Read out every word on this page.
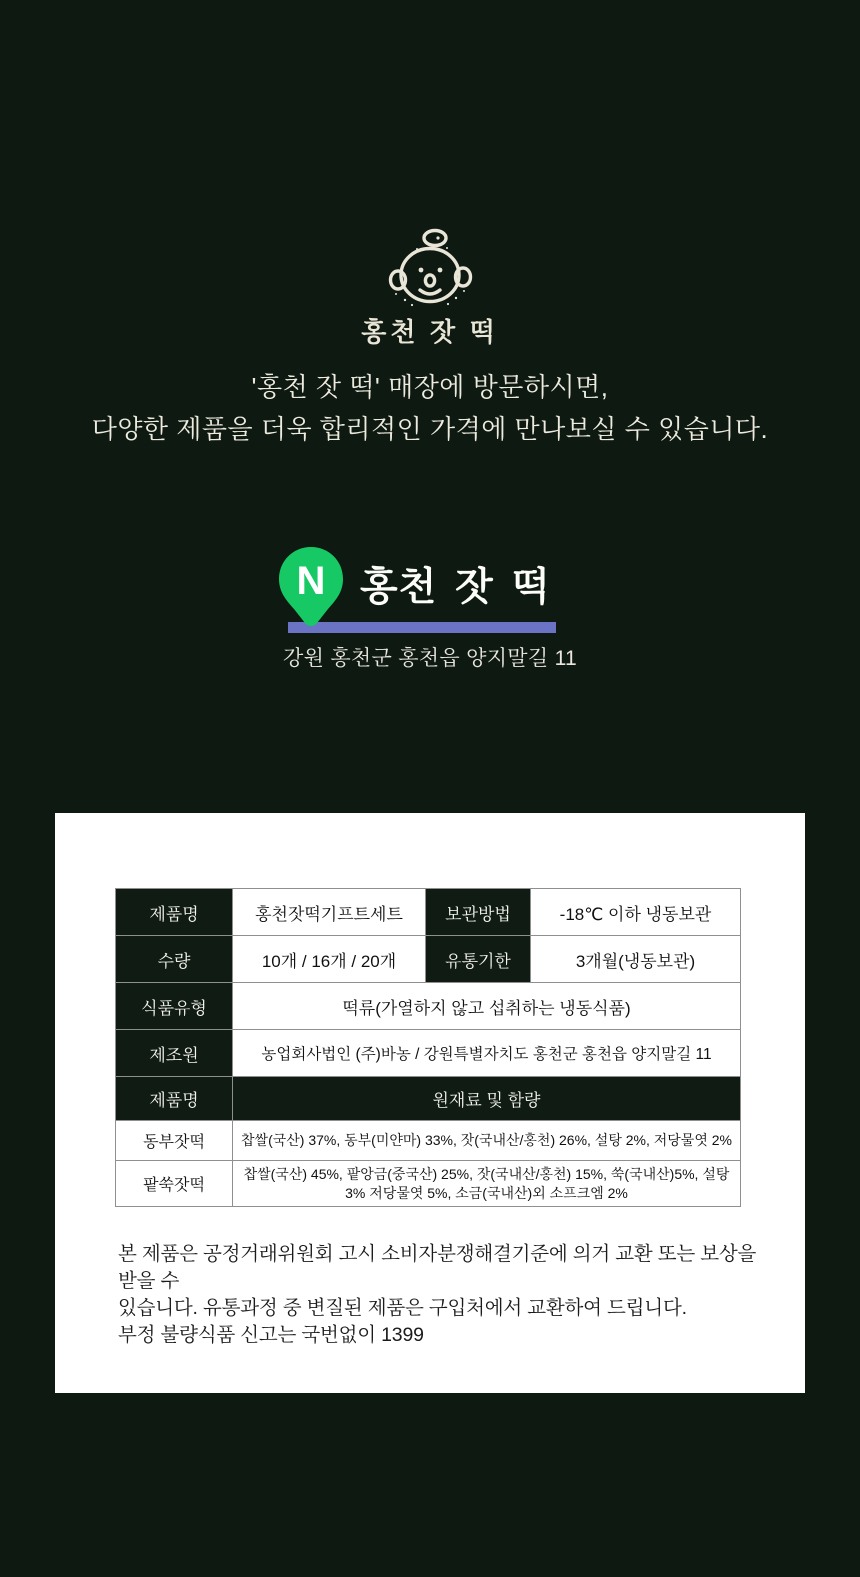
홍천 잣 떡
'홍천 잣 떡' 매장에 방문하시면,
다양한 제품을 더욱 합리적인 가격에 만나보실 수 있습니다.
N 홍천 잣 떡
강원 홍천군 홍천읍 양지말길 11
제품명	홍천잣떡기프트세트	보관방법	-18℃ 이하 냉동보관
수량	10개 / 16개 / 20개	유통기한	3개월(냉동보관)
식품유형	떡류(가열하지 않고 섭취하는 냉동식품)		
제조원	농업회사법인 (주)바농 / 강원특별자치도 홍천군 홍천읍 양지말길 11		
제품명	원재료 및 함량		
동부잣떡	찹쌀(국산) 37%, 동부(미얀마) 33%, 잣(국내산/홍천) 26%, 설탕 2%, 저당물엿 2%		
팥쑥잣떡	찹쌀(국산) 45%, 팥앙금(중국산) 25%, 잣(국내산/홍천) 15%, 쑥(국내산)5%, 설탕 3% 저당물엿 5%, 소금(국내산)외 소프크엠 2%		
본 제품은 공정거래위원회 고시 소비자분쟁해결기준에 의거 교환 또는 보상을 받을 수
있습니다. 유통과정 중 변질된 제품은 구입처에서 교환하여 드립니다.
부정 불량식품 신고는 국번없이 1399
